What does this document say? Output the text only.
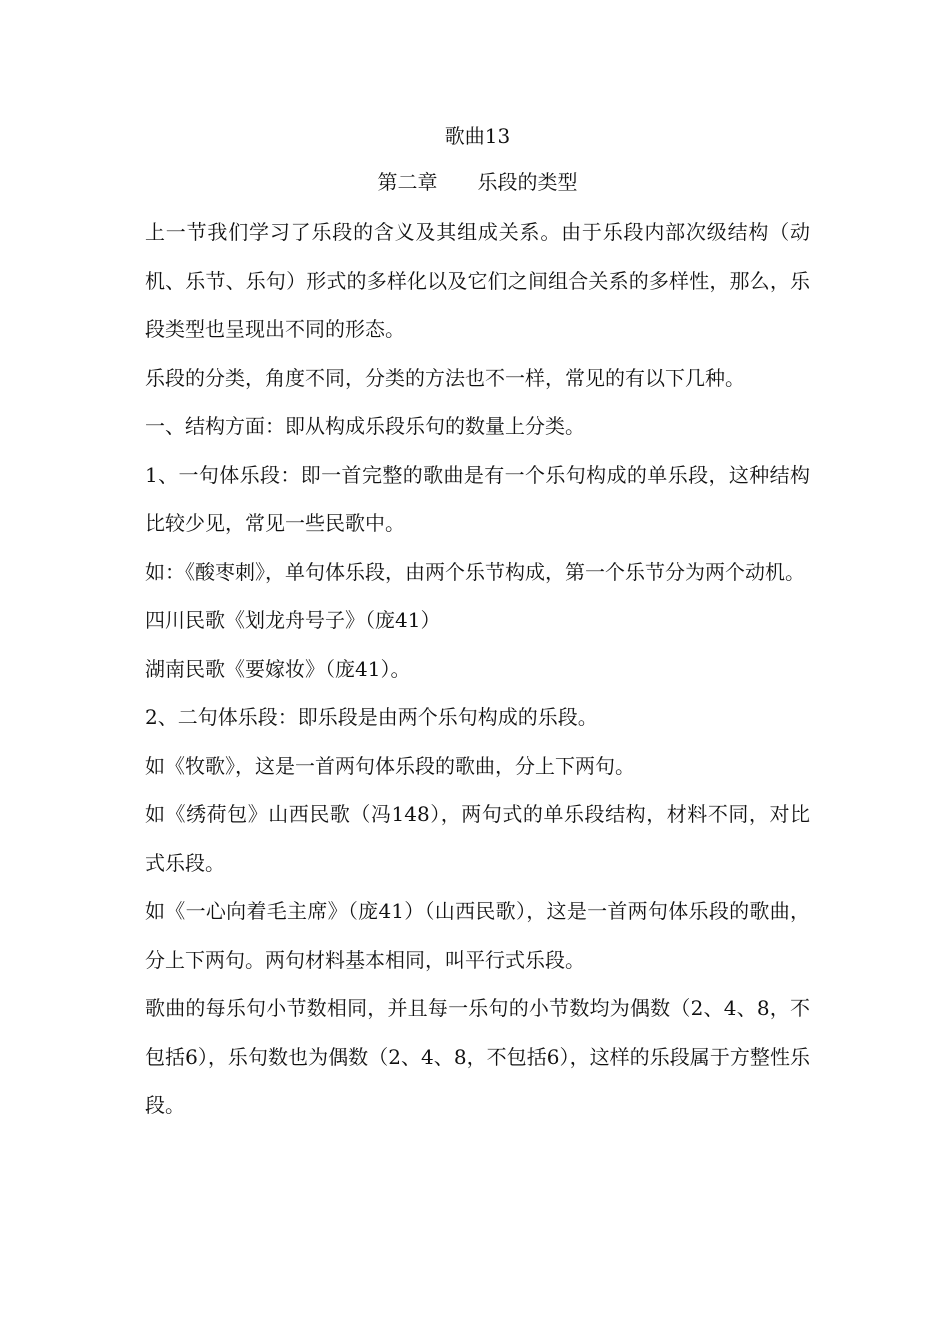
歌曲13
第二章 乐段的类型

上一节我们学习了乐段的含义及其组成关系。由于乐段内部次级结构（动机、乐节、乐句）形式的多样化以及它们之间组合关系的多样性，那么，乐段类型也呈现出不同的形态。

乐段的分类，角度不同，分类的方法也不一样，常见的有以下几种。

一、结构方面：即从构成乐段乐句的数量上分类。

1、一句体乐段：即一首完整的歌曲是有一个乐句构成的单乐段，这种结构比较少见，常见一些民歌中。

如：《酸枣刺》，单句体乐段，由两个乐节构成，第一个乐节分为两个动机。

四川民歌《划龙舟号子》（庞41）

湖南民歌《要嫁妆》（庞41）。

2、二句体乐段：即乐段是由两个乐句构成的乐段。

如《牧歌》，这是一首两句体乐段的歌曲，分上下两句。

如《绣荷包》山西民歌（冯148），两句式的单乐段结构，材料不同，对比式乐段。

如《一心向着毛主席》（庞41）（山西民歌），这是一首两句体乐段的歌曲，分上下两句。两句材料基本相同，叫平行式乐段。

歌曲的每乐句小节数相同，并且每一乐句的小节数均为偶数（2、4、8，不包括6），乐句数也为偶数（2、4、8，不包括6），这样的乐段属于方整性乐段。
